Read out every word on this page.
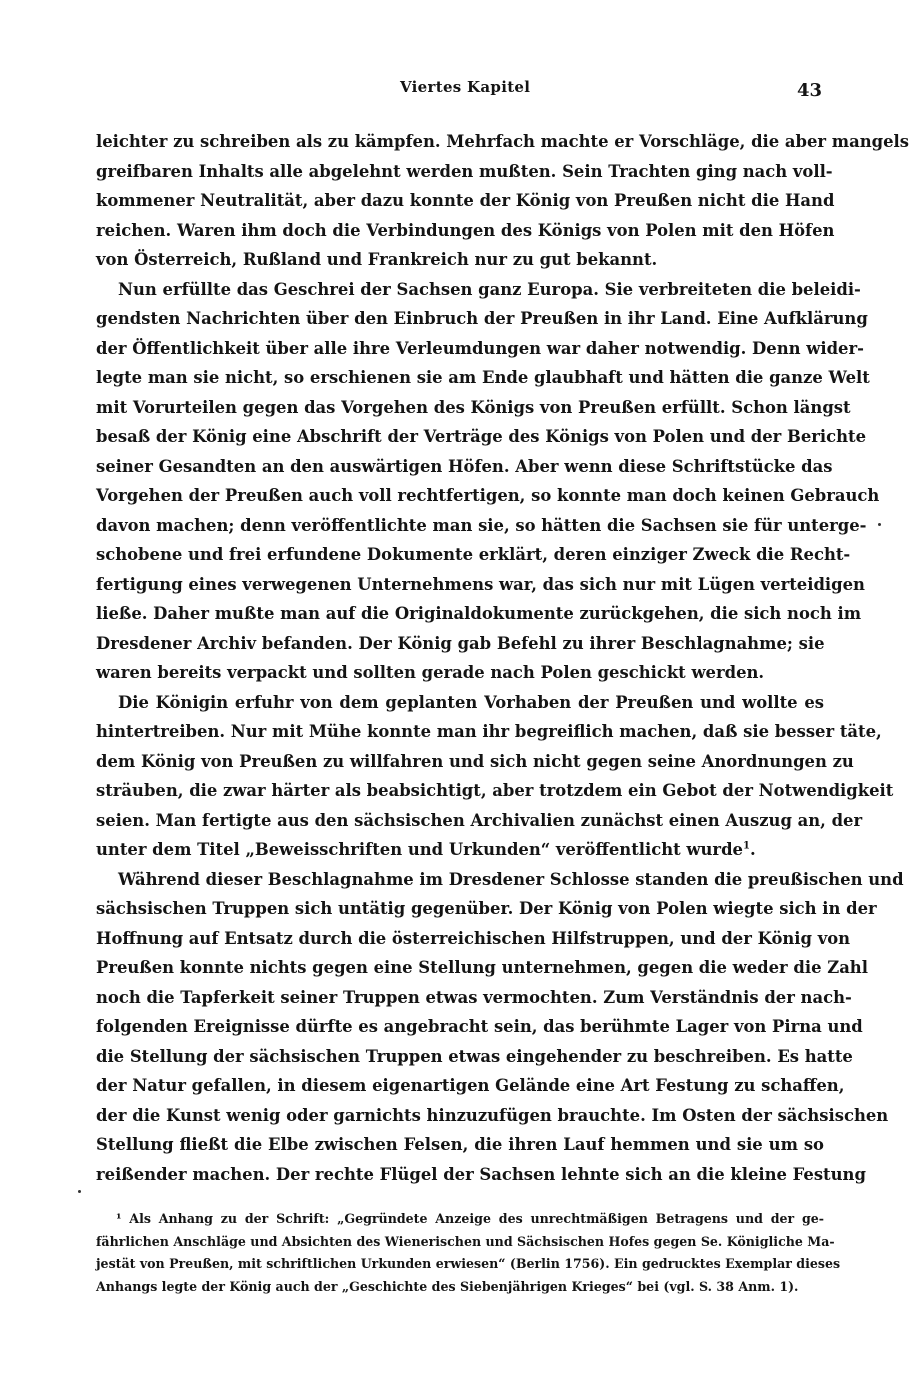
Viertes Kapitel	43
leichter zu schreiben als zu kämpfen. Mehrfach machte er Vorschläge, die aber mangels
greifbaren Inhalts alle abgelehnt werden mußten. Sein Trachten ging nach voll-
kommener Neutralität, aber dazu konnte der König von Preußen nicht die Hand
reichen. Waren ihm doch die Verbindungen des Königs von Polen mit den Höfen
von Österreich, Rußland und Frankreich nur zu gut bekannt.
Nun erfüllte das Geschrei der Sachsen ganz Europa. Sie verbreiteten die beleidi-
gendsten Nachrichten über den Einbruch der Preußen in ihr Land. Eine Aufklärung
der Öffentlichkeit über alle ihre Verleumdungen war daher notwendig. Denn wider-
legte man sie nicht, so erschienen sie am Ende glaubhaft und hätten die ganze Welt
mit Vorurteilen gegen das Vorgehen des Königs von Preußen erfüllt. Schon längst
besaß der König eine Abschrift der Verträge des Königs von Polen und der Berichte
seiner Gesandten an den auswärtigen Höfen. Aber wenn diese Schriftstücke das
Vorgehen der Preußen auch voll rechtfertigen, so konnte man doch keinen Gebrauch
davon machen; denn veröffentlichte man sie, so hätten die Sachsen sie für unterge-
schobene und frei erfundene Dokumente erklärt, deren einziger Zweck die Recht-
fertigung eines verwegenen Unternehmens war, das sich nur mit Lügen verteidigen
ließe. Daher mußte man auf die Originaldokumente zurückgehen, die sich noch im
Dresdener Archiv befanden. Der König gab Befehl zu ihrer Beschlagnahme; sie
waren bereits verpackt und sollten gerade nach Polen geschickt werden.
Die Königin erfuhr von dem geplanten Vorhaben der Preußen und wollte es
hintertreiben. Nur mit Mühe konnte man ihr begreiflich machen, daß sie besser täte,
dem König von Preußen zu willfahren und sich nicht gegen seine Anordnungen zu
sträuben, die zwar härter als beabsichtigt, aber trotzdem ein Gebot der Notwendigkeit
seien. Man fertigte aus den sächsischen Archivalien zunächst einen Auszug an, der
unter dem Titel „Beweisschriften und Urkunden“ veröffentlicht wurde$^1$.
Während dieser Beschlagnahme im Dresdener Schlosse standen die preußischen und
sächsischen Truppen sich untätig gegenüber. Der König von Polen wiegte sich in der
Hoffnung auf Entsatz durch die österreichischen Hilfstruppen, und der König von
Preußen konnte nichts gegen eine Stellung unternehmen, gegen die weder die Zahl
noch die Tapferkeit seiner Truppen etwas vermochten. Zum Verständnis der nach-
folgenden Ereignisse dürfte es angebracht sein, das berühmte Lager von Pirna und
die Stellung der sächsischen Truppen etwas eingehender zu beschreiben. Es hatte
der Natur gefallen, in diesem eigenartigen Gelände eine Art Festung zu schaffen,
der die Kunst wenig oder garnichts hinzuzufügen brauchte. Im Osten der sächsischen
Stellung fließt die Elbe zwischen Felsen, die ihren Lauf hemmen und sie um so
reißender machen. Der rechte Flügel der Sachsen lehnte sich an die kleine Festung
¹ Als Anhang zu der Schrift: „Gegründete Anzeige des unrechtmäßigen Betragens und der ge-
fährlichen Anschläge und Absichten des Wienerischen und Sächsischen Hofes gegen Se. Königliche Ma-
jestät von Preußen, mit schriftlichen Urkunden erwiesen“ (Berlin 1756). Ein gedrucktes Exemplar dieses
Anhangs legte der König auch der „Geschichte des Siebenjährigen Krieges“ bei (vgl. S. 38 Anm. 1).
